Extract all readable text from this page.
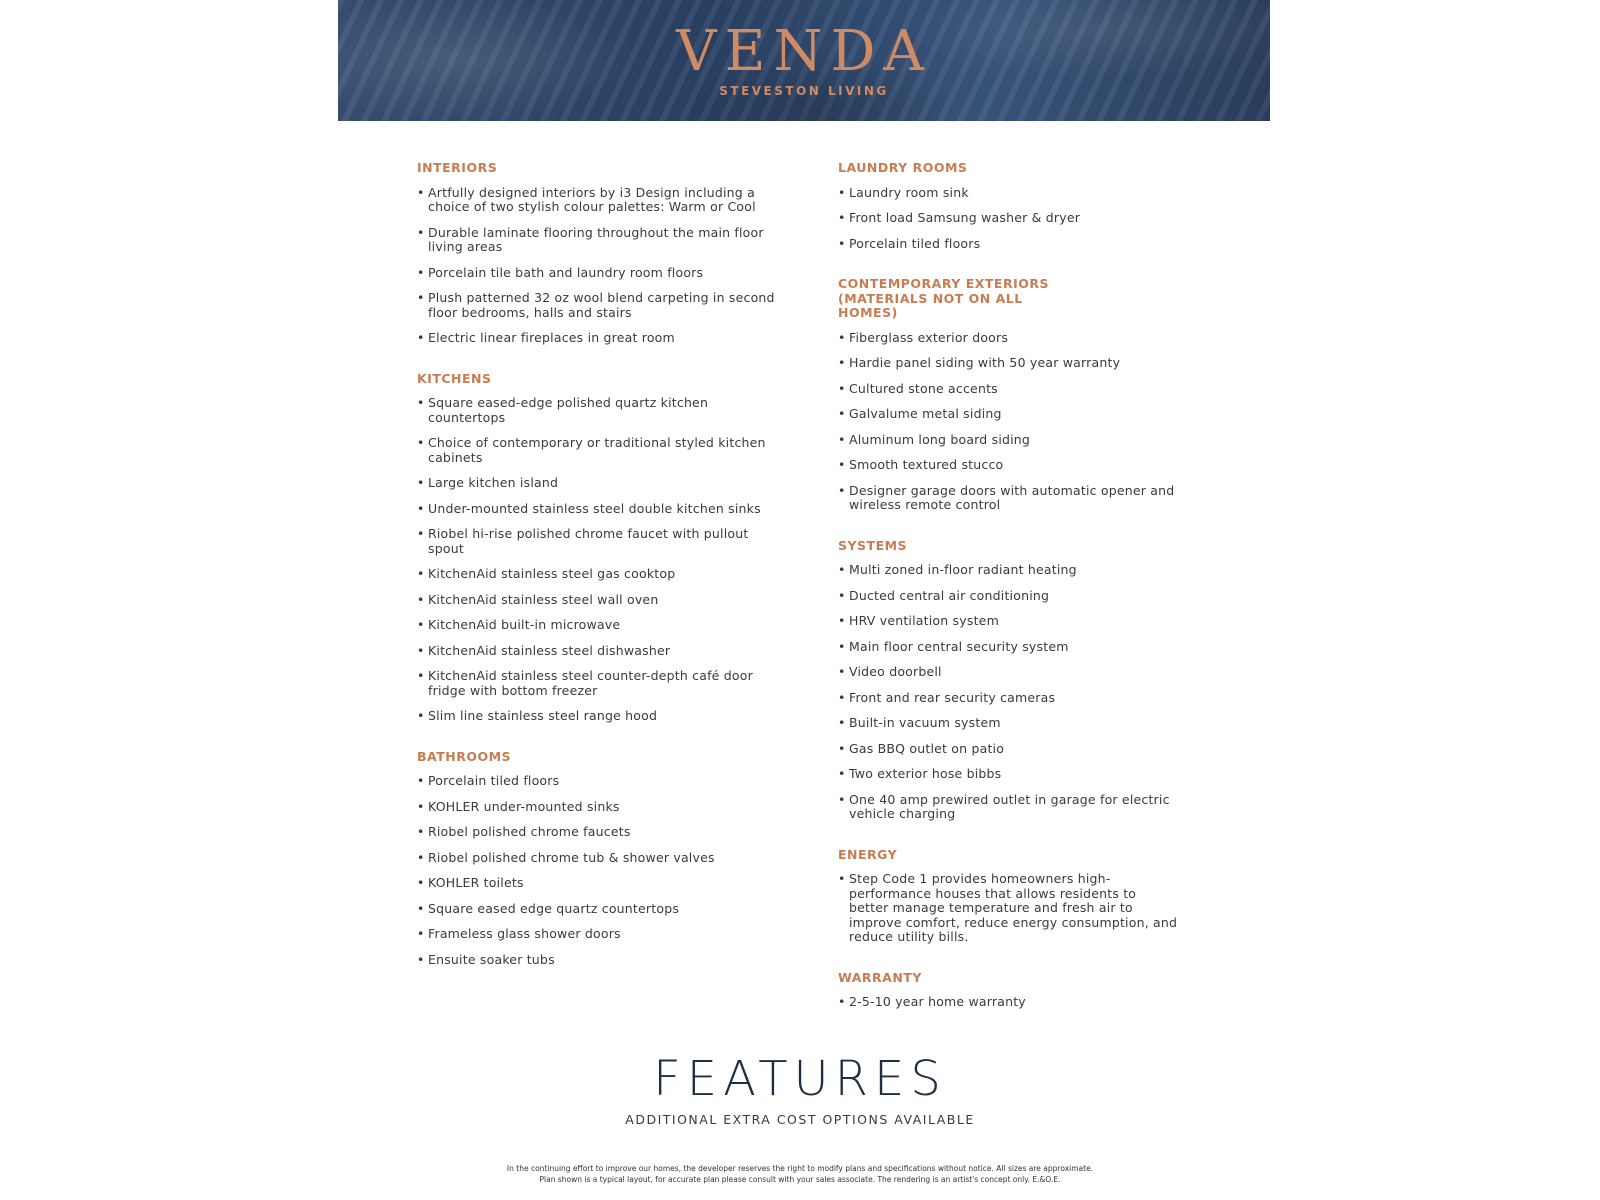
VENDA
STEVESTON LIVING
INTERIORS
• Artfully designed interiors by i3 Design including a choice of two stylish colour palettes: Warm or Cool
• Durable laminate flooring throughout the main floor living areas
• Porcelain tile bath and laundry room floors
• Plush patterned 32 oz wool blend carpeting in second floor bedrooms, halls and stairs
• Electric linear fireplaces in great room
KITCHENS
• Square eased-edge polished quartz kitchen countertops
• Choice of contemporary or traditional styled kitchen cabinets
• Large kitchen island
• Under-mounted stainless steel double kitchen sinks
• Riobel hi-rise polished chrome faucet with pullout spout
• KitchenAid stainless steel gas cooktop
• KitchenAid stainless steel wall oven
• KitchenAid built-in microwave
• KitchenAid stainless steel dishwasher
• KitchenAid stainless steel counter-depth café door fridge with bottom freezer
• Slim line stainless steel range hood
BATHROOMS
• Porcelain tiled floors
• KOHLER under-mounted sinks
• Riobel polished chrome faucets
• Riobel polished chrome tub & shower valves
• KOHLER toilets
• Square eased edge quartz countertops
• Frameless glass shower doors
• Ensuite soaker tubs
LAUNDRY ROOMS
• Laundry room sink
• Front load Samsung washer & dryer
• Porcelain tiled floors
CONTEMPORARY EXTERIORS (MATERIALS NOT ON ALL HOMES)
• Fiberglass exterior doors
• Hardie panel siding with 50 year warranty
• Cultured stone accents
• Galvalume metal siding
• Aluminum long board siding
• Smooth textured stucco
• Designer garage doors with automatic opener and wireless remote control
SYSTEMS
• Multi zoned in-floor radiant heating
• Ducted central air conditioning
• HRV ventilation system
• Main floor central security system
• Video doorbell
• Front and rear security cameras
• Built-in vacuum system
• Gas BBQ outlet on patio
• Two exterior hose bibbs
• One 40 amp prewired outlet in garage for electric vehicle charging
ENERGY
• Step Code 1 provides homeowners high-performance houses that allows residents to better manage temperature and fresh air to improve comfort, reduce energy consumption, and reduce utility bills.
WARRANTY
• 2-5-10 year home warranty
FEATURES
ADDITIONAL EXTRA COST OPTIONS AVAILABLE
In the continuing effort to improve our homes, the developer reserves the right to modify plans and specifications without notice. All sizes are approximate.
Plan shown is a typical layout, for accurate plan please consult with your sales associate. The rendering is an artist's concept only. E.&O.E.
